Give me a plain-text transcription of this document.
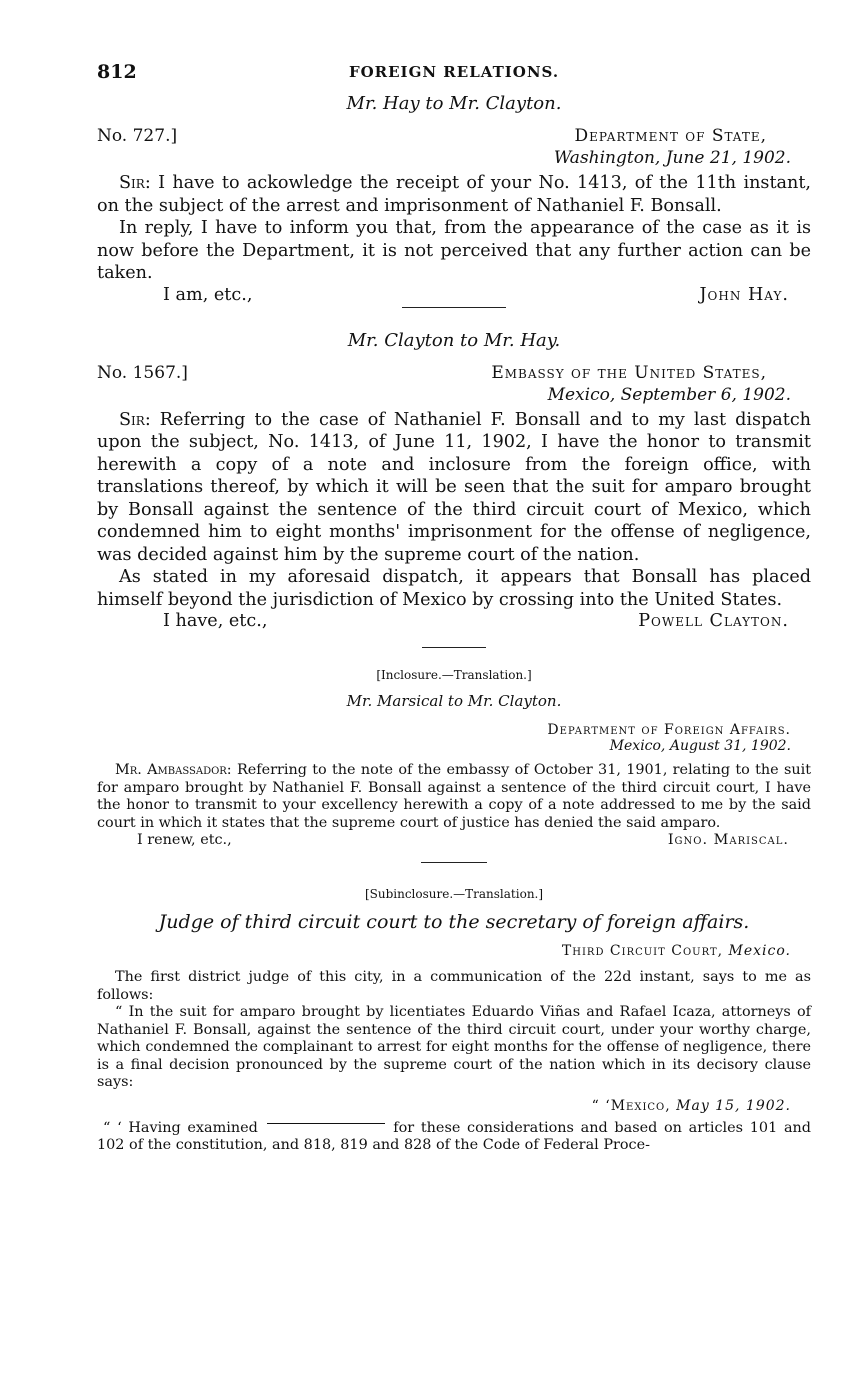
812	FOREIGN RELATIONS.
Mr. Hay to Mr. Clayton.
No. 727.]	Department of State,
Washington, June 21, 1902.

Sir: I have to ackowledge the receipt of your No. 1413, of the 11th instant, on the subject of the arrest and imprisonment of Nathaniel F. Bonsall.

In reply, I have to inform you that, from the appearance of the case as it is now before the Department, it is not perceived that any further action can be taken.

I am, etc.,	John Hay.
Mr. Clayton to Mr. Hay.
No. 1567.]	Embassy of the United States,
Mexico, September 6, 1902.

Sir: Referring to the case of Nathaniel F. Bonsall and to my last dispatch upon the subject, No. 1413, of June 11, 1902, I have the honor to transmit herewith a copy of a note and inclosure from the foreign office, with translations thereof, by which it will be seen that the suit for amparo brought by Bonsall against the sentence of the third circuit court of Mexico, which condemned him to eight months' imprisonment for the offense of negligence, was decided against him by the supreme court of the nation.

As stated in my aforesaid dispatch, it appears that Bonsall has placed himself beyond the jurisdiction of Mexico by crossing into the United States.

I have, etc.,	Powell Clayton.
[Inclosure.—Translation.]
Mr. Marsical to Mr. Clayton.
Department of Foreign Affairs.
Mexico, August 31, 1902.

Mr. Ambassador: Referring to the note of the embassy of October 31, 1901, relating to the suit for amparo brought by Nathaniel F. Bonsall against a sentence of the third circuit court, I have the honor to transmit to your excellency herewith a copy of a note addressed to me by the said court in which it states that the supreme court of justice has denied the said amparo.

I renew, etc.,	Igno. Mariscal.
[Subinclosure.—Translation.]
Judge of third circuit court to the secretary of foreign affairs.
Third Circuit Court, Mexico.

The first district judge of this city, in a communication of the 22d instant, says to me as follows:

“ In the suit for amparo brought by licentiates Eduardo Viñas and Rafael Icaza, attorneys of Nathaniel F. Bonsall, against the sentence of the third circuit court, under your worthy charge, which condemned the complainant to arrest for eight months for the offense of negligence, there is a final decision pronounced by the supreme court of the nation which in its decisory clause says:

“ ‘Mexico, May 15, 1902.

“ ‘ Having examined	for these considerations and based on articles 101 and 102 of the constitution, and 818, 819 and 828 of the Code of Federal Proce-
